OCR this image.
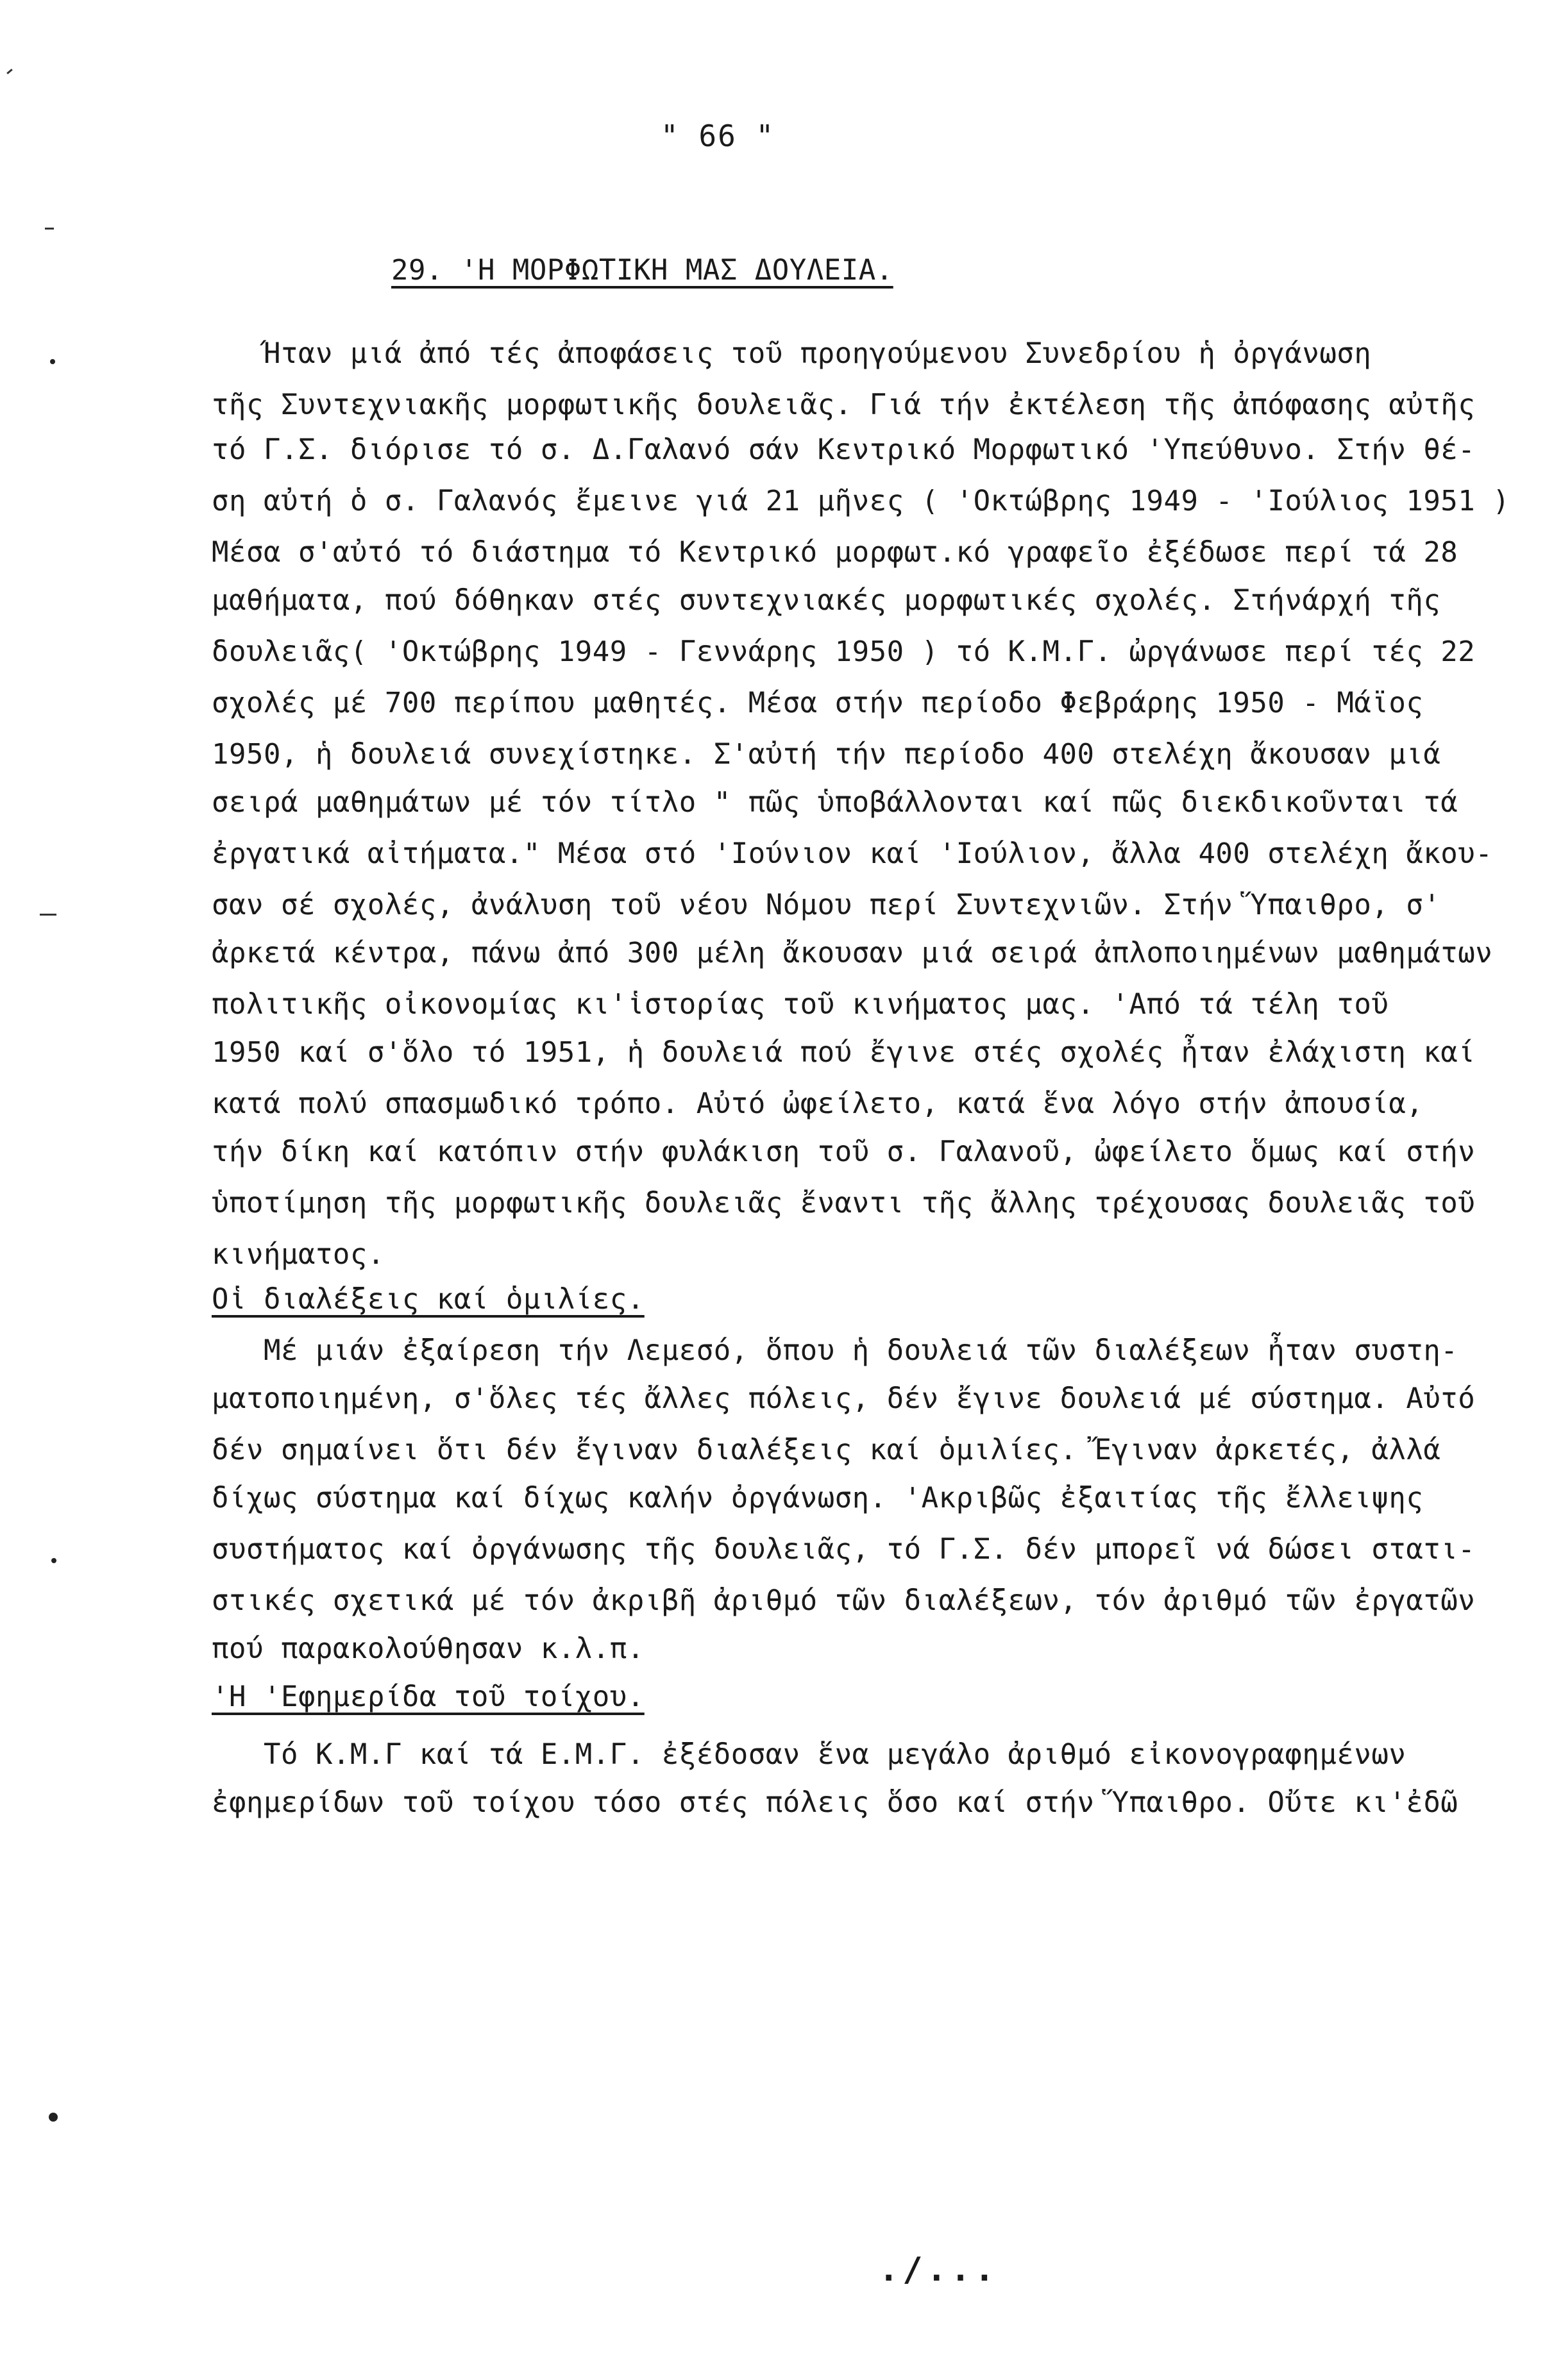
" 66 "
29. 'Η ΜΟΡΦΩΤΙΚΗ ΜΑΣ ΔΟΥΛΕΙΑ.
Ήταν μιά ἀπό τές ἀποφάσεις τοῦ προηγούμενου Συνεδρίου ἡ ὀργάνωση
τῆς Συντεχνιακῆς μορφωτικῆς δουλειᾶς. Γιά τήν ἐκτέλεση τῆς ἀπόφασης αὐτῆς
τό Γ.Σ. διόρισε τό σ. Δ.Γαλανό σάν Κεντρικό Μορφωτικό 'Υπεύθυνο. Στήν θέ-
ση αὐτή ὁ σ. Γαλανός ἔμεινε γιά 21 μῆνες ( 'Οκτώβρης 1949 - 'Ιούλιος 1951 )
Μέσα σ'αὐτό τό διάστημα τό Κεντρικό μορφωτ.κό γραφεῖο ἐξέδωσε περί τά 28
μαθήματα, πού δόθηκαν στές συντεχνιακές μορφωτικές σχολές. Στήνάρχή τῆς
δουλειᾶς( 'Οκτώβρης 1949 - Γεννάρης 1950 ) τό Κ.Μ.Γ. ὠργάνωσε περί τές 22
σχολές μέ 700 περίπου μαθητές. Μέσα στήν περίοδο Φεβράρης 1950 - Μάϊος
1950, ἡ δουλειά συνεχίστηκε. Σ'αὐτή τήν περίοδο 400 στελέχη ἄκουσαν μιά
σειρά μαθημάτων μέ τόν τίτλο " πῶς ὑποβάλλονται καί πῶς διεκδικοῦνται τά
ἐργατικά αἰτήματα." Μέσα στό 'Ιούνιον καί 'Ιούλιον, ἄλλα 400 στελέχη ἄκου-
σαν σέ σχολές, ἀνάλυση τοῦ νέου Νόμου περί Συντεχνιῶν. Στήν Ὕπαιθρο, σ'
ἀρκετά κέντρα, πάνω ἀπό 300 μέλη ἄκουσαν μιά σειρά ἀπλοποιημένων μαθημάτων
πολιτικῆς οἰκονομίας κι'ἱστορίας τοῦ κινήματος μας. 'Από τά τέλη τοῦ
1950 καί σ'ὅλο τό 1951, ἡ δουλειά πού ἔγινε στές σχολές ἦταν ἐλάχιστη καί
κατά πολύ σπασμωδικό τρόπο. Αὐτό ὠφείλετο, κατά ἕνα λόγο στήν ἀπουσία,
τήν δίκη καί κατόπιν στήν φυλάκιση τοῦ σ. Γαλανοῦ, ὠφείλετο ὅμως καί στήν
ὑποτίμηση τῆς μορφωτικῆς δουλειᾶς ἔναντι τῆς ἄλλης τρέχουσας δουλειᾶς τοῦ
κινήματος.
Οἱ διαλέξεις καί ὁμιλίες.
Μέ μιάν ἐξαίρεση τήν Λεμεσό, ὅπου ἡ δουλειά τῶν διαλέξεων ἦταν συστη-
ματοποιημένη, σ'ὅλες τές ἄλλες πόλεις, δέν ἔγινε δουλειά μέ σύστημα. Αὐτό
δέν σημαίνει ὅτι δέν ἔγιναν διαλέξεις καί ὁμιλίες. Ἔγιναν ἀρκετές, ἀλλά
δίχως σύστημα καί δίχως καλήν ὀργάνωση. 'Ακριβῶς ἐξαιτίας τῆς ἔλλειψης
συστήματος καί ὀργάνωσης τῆς δουλειᾶς, τό Γ.Σ. δέν μπορεῖ νά δώσει στατι-
στικές σχετικά μέ τόν ἀκριβῆ ἀριθμό τῶν διαλέξεων, τόν ἀριθμό τῶν ἐργατῶν
πού παρακολούθησαν κ.λ.π.
'Η 'Εφημερίδα τοῦ τοίχου.
Τό Κ.Μ.Γ καί τά Ε.Μ.Γ. ἐξέδοσαν ἕνα μεγάλο ἀριθμό εἰκονογραφημένων
ἐφημερίδων τοῦ τοίχου τόσο στές πόλεις ὅσο καί στήν Ὕπαιθρο. Οὔτε κι'ἐδῶ
./...
